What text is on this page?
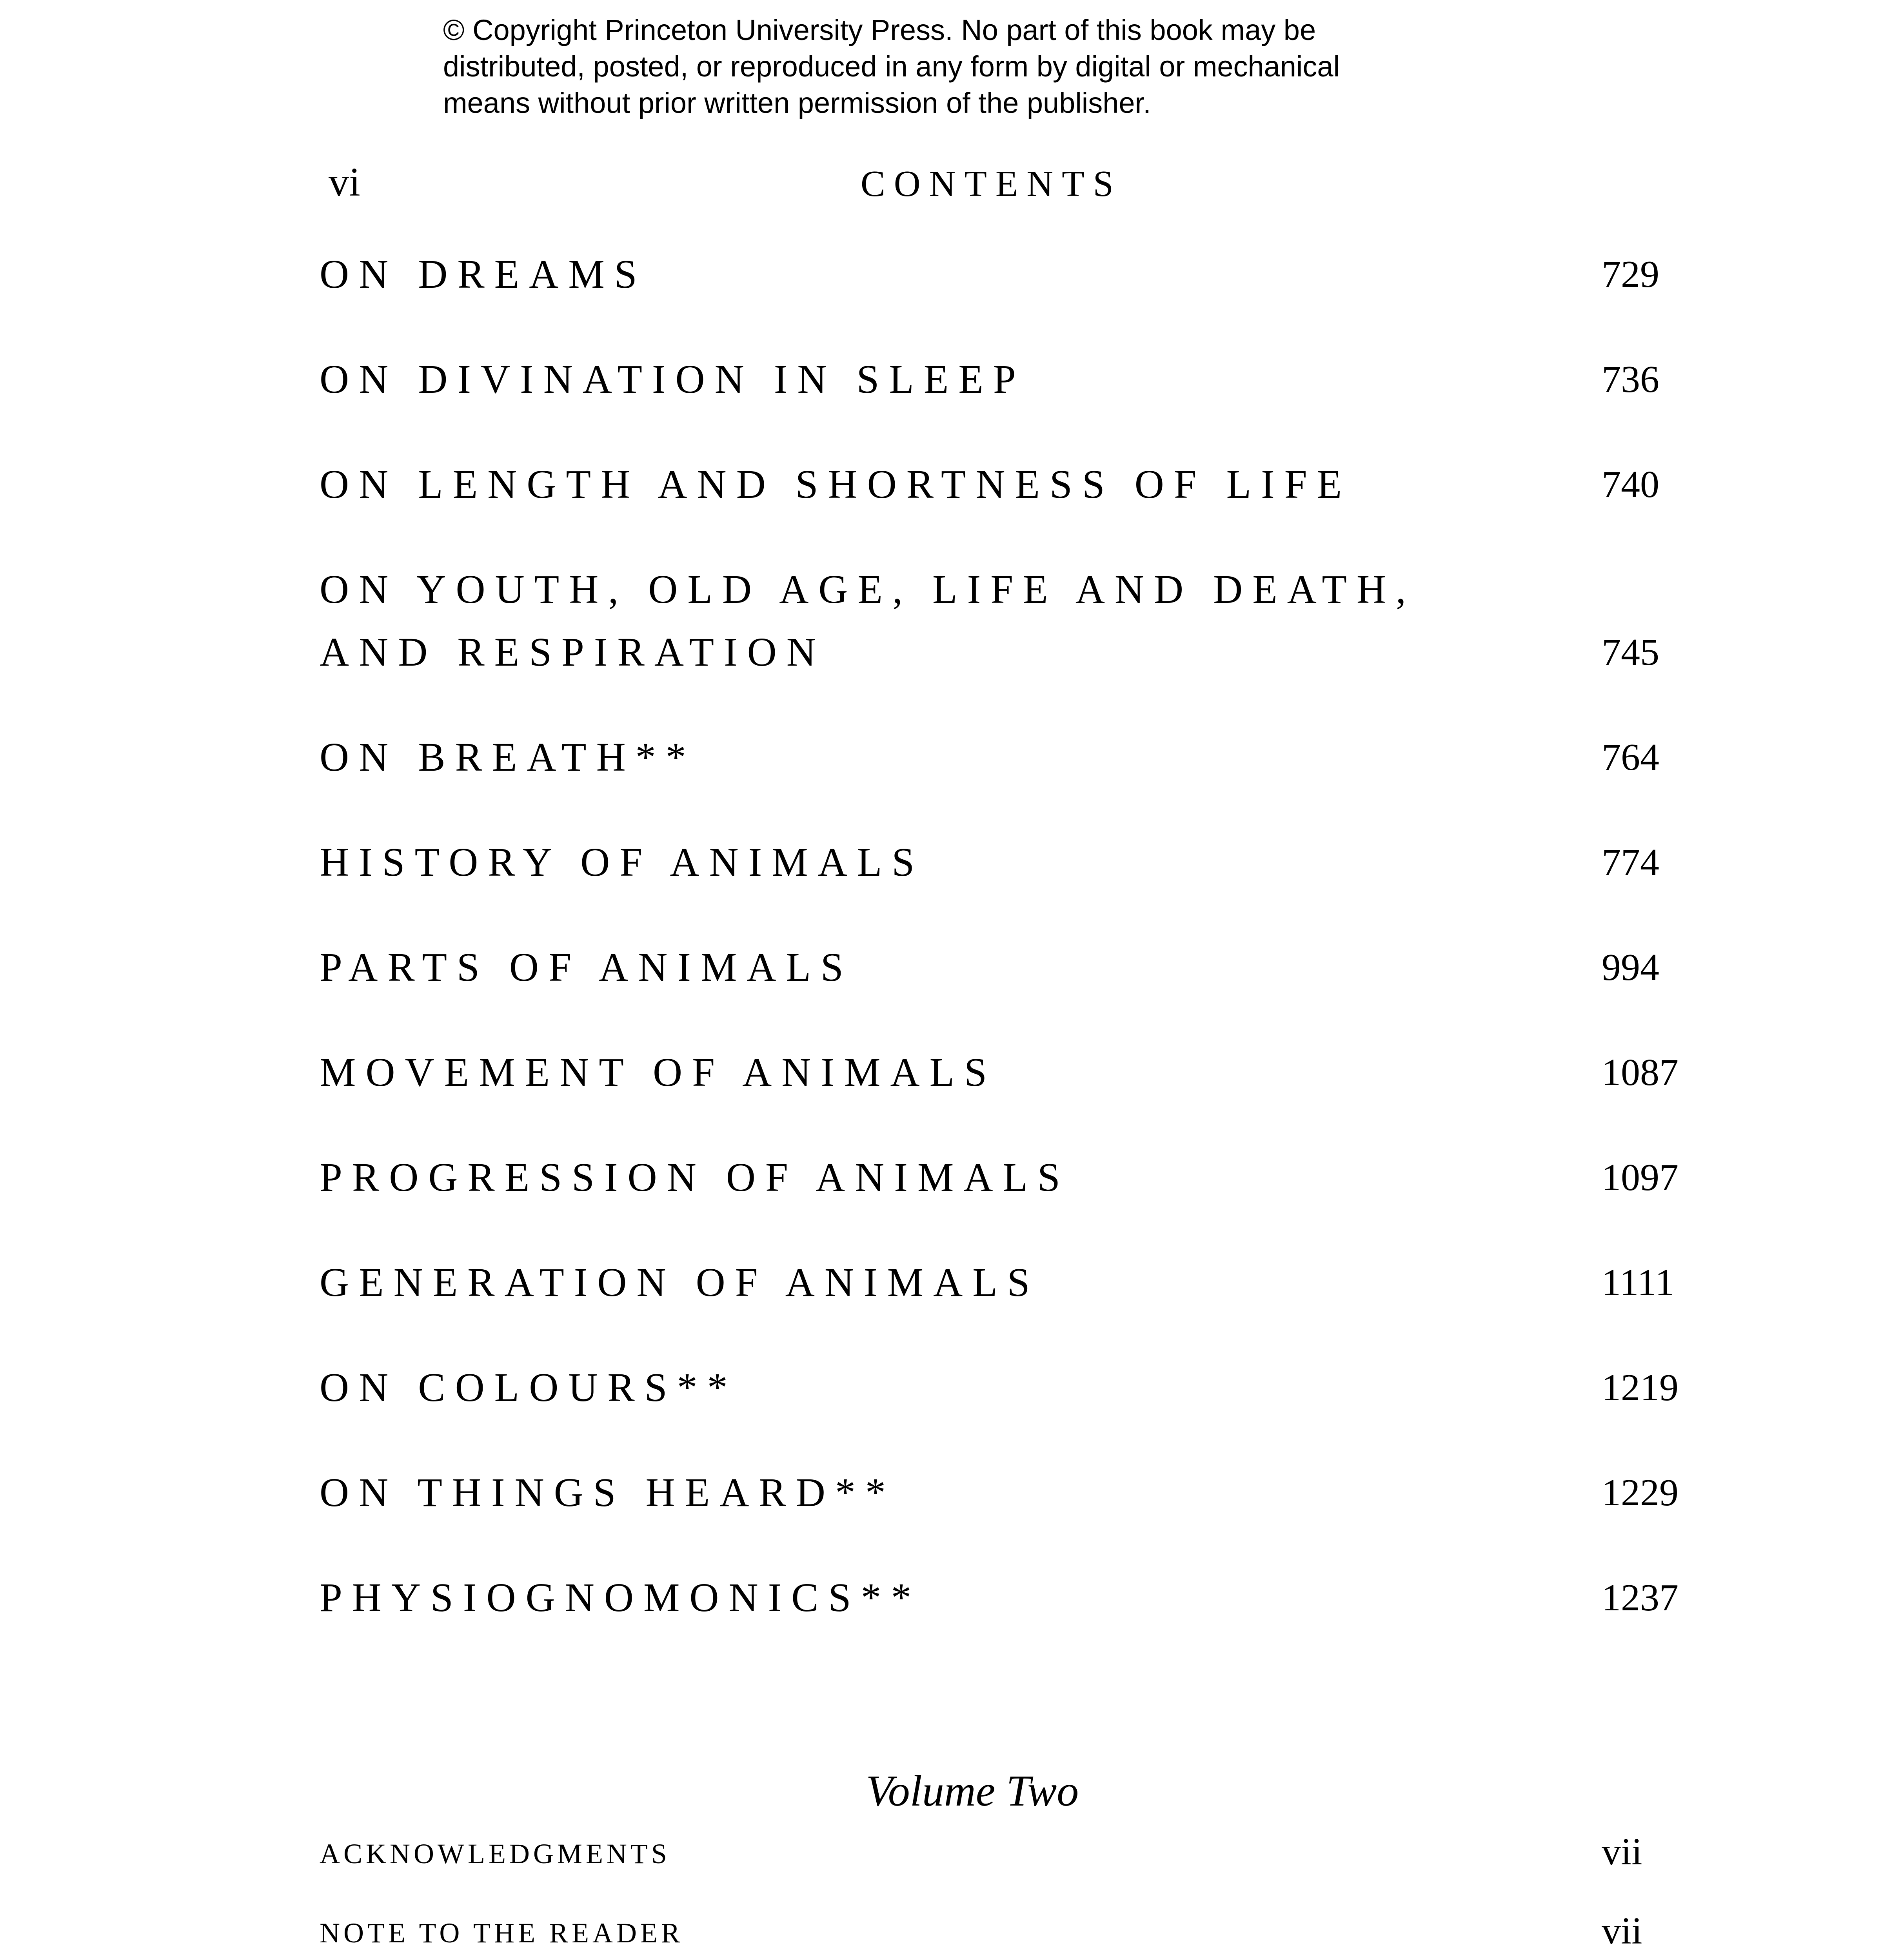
© Copyright Princeton University Press. No part of this book may be
distributed, posted, or reproduced in any form by digital or mechanical
means without prior written permission of the publisher.

vi	CONTENTS
ON DREAMS	729
ON DIVINATION IN SLEEP	736
ON LENGTH AND SHORTNESS OF LIFE	740
ON YOUTH, OLD AGE, LIFE AND DEATH,
AND RESPIRATION	745
ON BREATH**	764
HISTORY OF ANIMALS	774
PARTS OF ANIMALS	994
MOVEMENT OF ANIMALS	1087
PROGRESSION OF ANIMALS	1097
GENERATION OF ANIMALS	1111
ON COLOURS**	1219
ON THINGS HEARD**	1229
PHYSIOGNOMONICS**	1237
Volume Two
ACKNOWLEDGMENTS	vii
NOTE TO THE READER	vii
